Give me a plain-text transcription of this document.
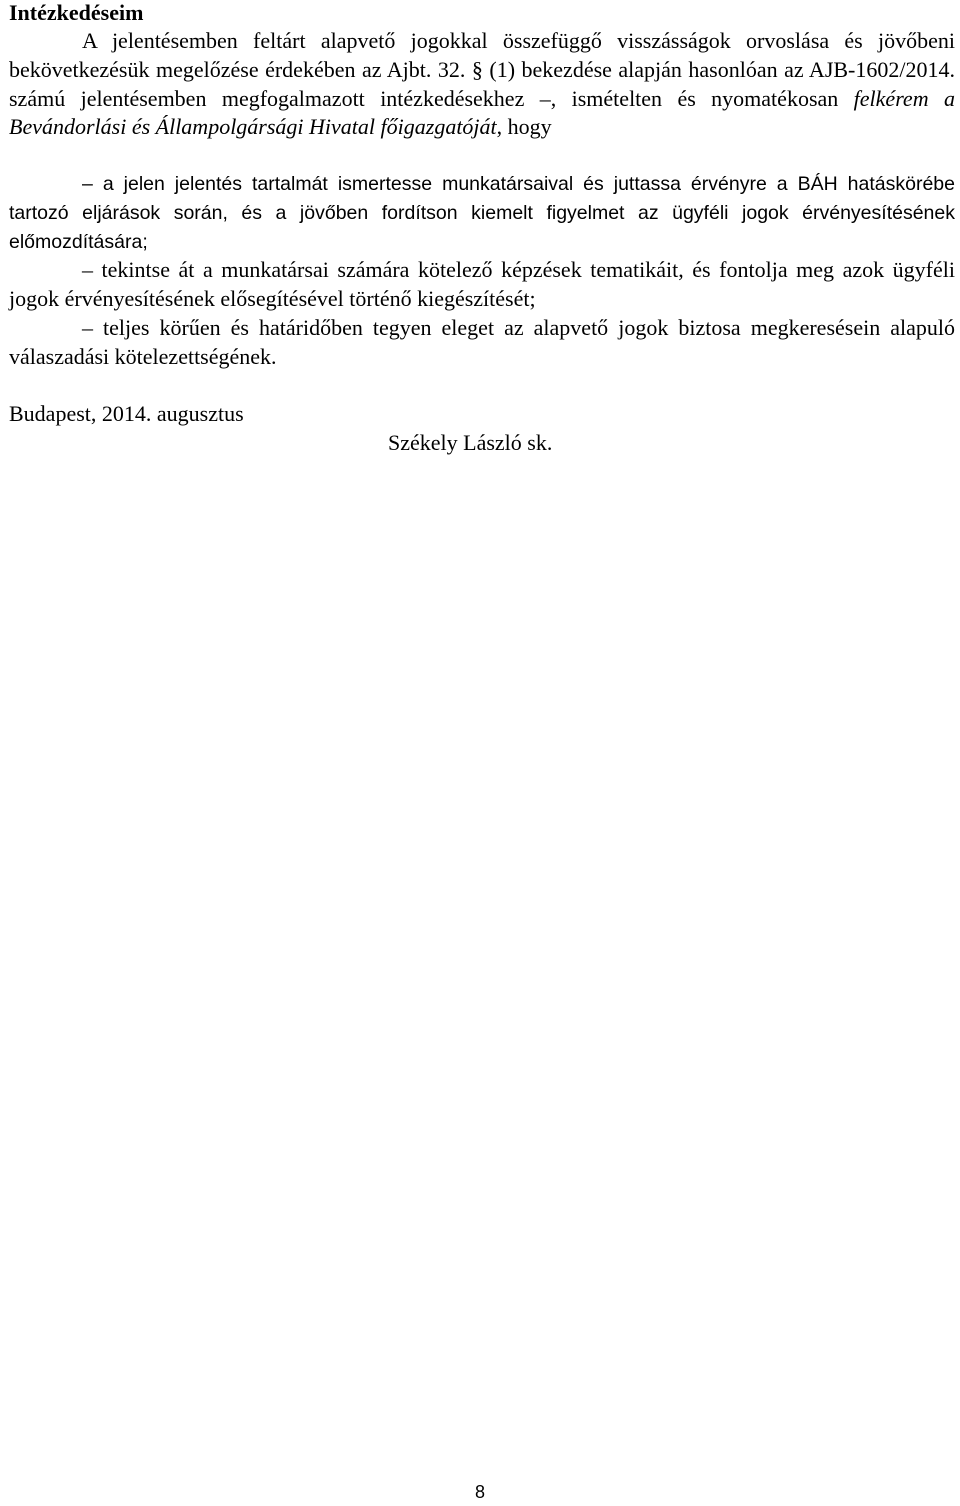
Intézkedéseim
A jelentésemben feltárt alapvető jogokkal összefüggő visszásságok orvoslása és jövőbeni bekövetkezésük megelőzése érdekében az Ajbt. 32. § (1) bekezdése alapján hasonlóan az AJB-1602/2014. számú jelentésemben megfogalmazott intézkedésekhez –, ismételten és nyomatékosan felkérem a Bevándorlási és Állampolgársági Hivatal főigazgatóját, hogy
– a jelen jelentés tartalmát ismertesse munkatársaival és juttassa érvényre a BÁH hatáskörébe tartozó eljárások során, és a jövőben fordítson kiemelt figyelmet az ügyféli jogok érvényesítésének előmozdítására;
– tekintse át a munkatársai számára kötelező képzések tematikáit, és fontolja meg azok ügyféli jogok érvényesítésének elősegítésével történő kiegészítését;
– teljes körűen és határidőben tegyen eleget az alapvető jogok biztosa megkeresésein alapuló válaszadási kötelezettségének.
Budapest, 2014. augusztus
Székely László sk.
8
